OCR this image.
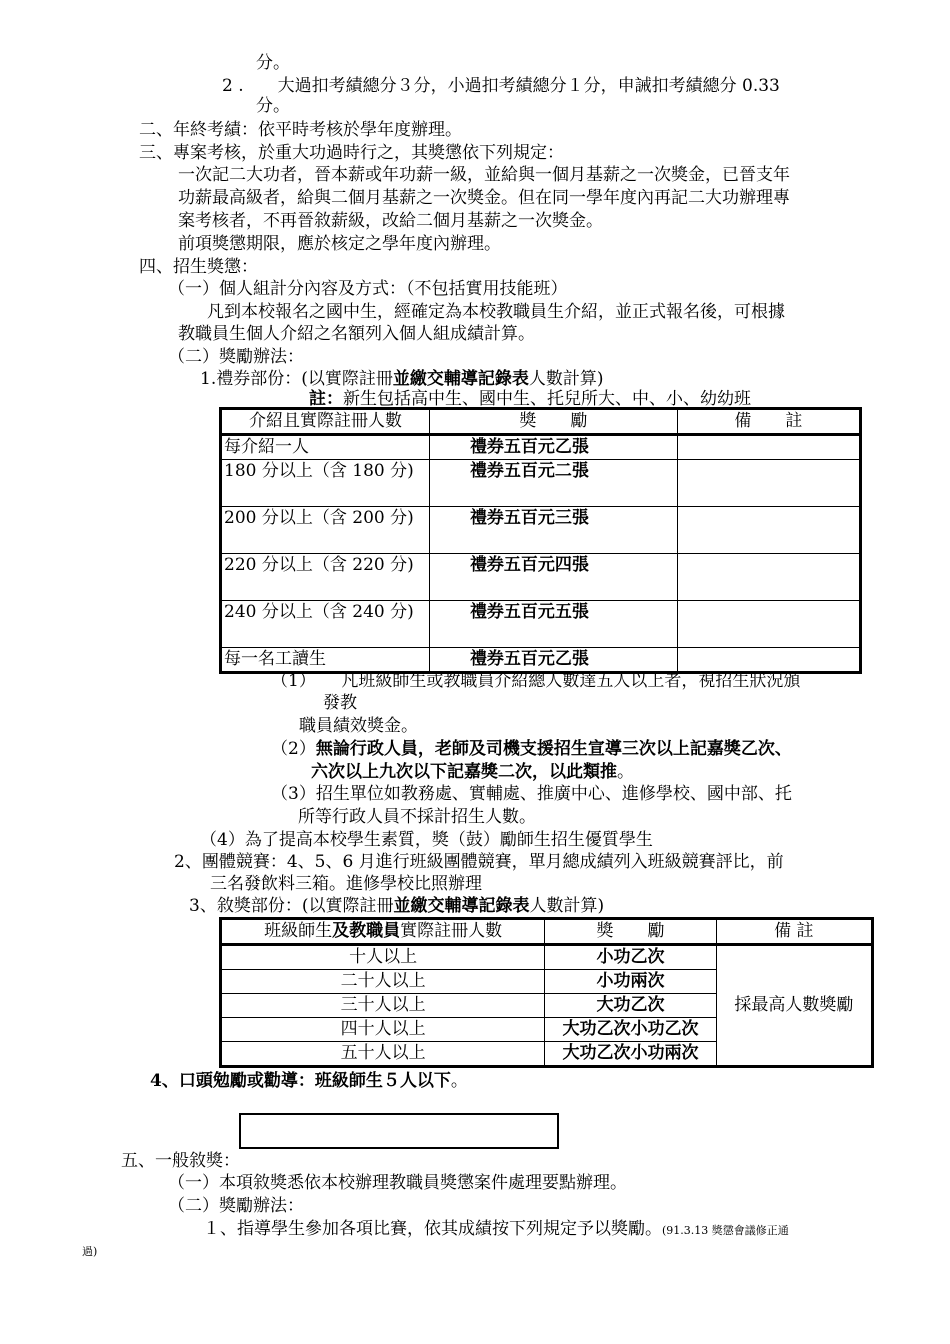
分。
2 .　　大過扣考績總分３分，小過扣考績總分１分，申誡扣考績總分 0.33
分。
二、年終考績：依平時考核於學年度辦理。
三、專案考核，於重大功過時行之，其獎懲依下列規定：
一次記二大功者，晉本薪或年功薪一級，並給與一個月基薪之一次獎金，已晉支年
功薪最高級者，給與二個月基薪之一次獎金。但在同一學年度內再記二大功辦理專
案考核者，不再晉敘薪級，改給二個月基薪之一次獎金。
前項獎懲期限，應於核定之學年度內辦理。
四、招生獎懲：
（一）個人組計分內容及方式：（不包括實用技能班）
凡到本校報名之國中生，經確定為本校教職員生介紹，並正式報名後，可根據
教職員生個人介紹之名額列入個人組成績計算。
（二）獎勵辦法：
1.禮券部份：(以實際註冊並繳交輔導記錄表人數計算)
註：新生包括高中生、國中生、托兒所大、中、小、幼幼班
介紹且實際註冊人數	獎　　勵	備　　註
每介紹一人	禮券五百元乙張	
180 分以上（含 180 分)	禮券五百元二張	
200 分以上（含 200 分)	禮券五百元三張	
220 分以上（含 220 分)	禮券五百元四張	
240 分以上（含 240 分)	禮券五百元五張	
每一名工讀生	禮券五百元乙張	
（1）　　凡班級師生或教職員介紹總人數達五人以上者，視招生狀況頒
發教
職員績效獎金。
（2）無論行政人員，老師及司機支援招生宣導三次以上記嘉獎乙次、
六次以上九次以下記嘉獎二次，以此類推。
（3）招生單位如教務處、實輔處、推廣中心、進修學校、國中部、托
所等行政人員不採計招生人數。
（4）為了提高本校學生素質，獎（鼓）勵師生招生優質學生
2、團體競賽：4、5、6 月進行班級團體競賽，單月總成績列入班級競賽評比，前
三名發飲料三箱。進修學校比照辦理
3、敘獎部份：(以實際註冊並繳交輔導記錄表人數計算)
班級師生及教職員實際註冊人數	獎　　勵	備 註
十人以上	小功乙次	採最高人數獎勵
二十人以上	小功兩次	
三十人以上	大功乙次	
四十人以上	大功乙次小功乙次	
五十人以上	大功乙次小功兩次	
4、口頭勉勵或勸導：班級師生５人以下。
五、一般敘獎：
（一）本項敘獎悉依本校辦理教職員獎懲案件處理要點辦理。
（二）獎勵辦法：
１、指導學生參加各項比賽，依其成績按下列規定予以獎勵。(91.3.13 獎懲會議修正通
過)
